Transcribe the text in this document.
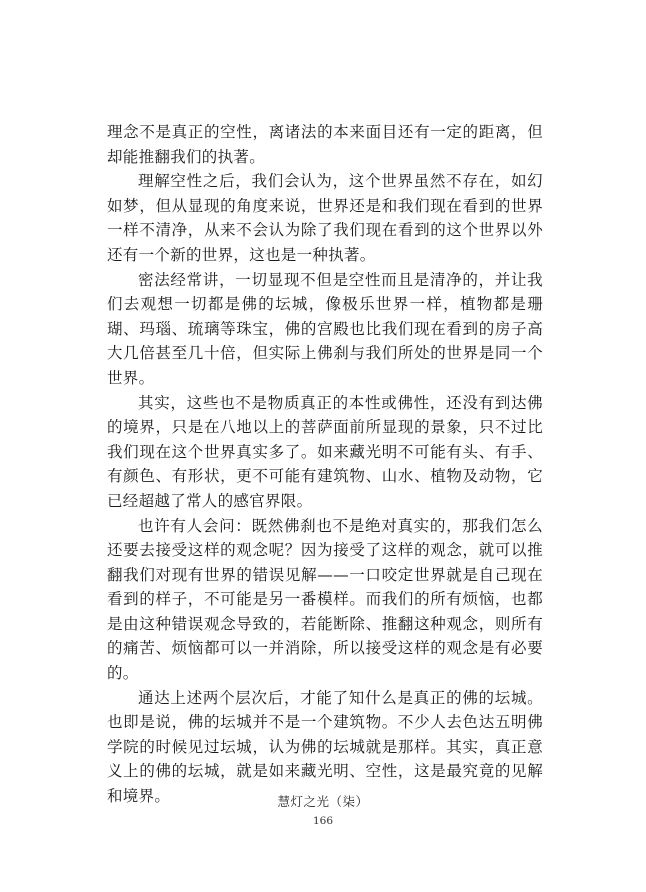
理念不是真正的空性，离诸法的本来面目还有一定的距离，但却能推翻我们的执著。

理解空性之后，我们会认为，这个世界虽然不存在，如幻如梦，但从显现的角度来说，世界还是和我们现在看到的世界一样不清净，从来不会认为除了我们现在看到的这个世界以外还有一个新的世界，这也是一种执著。

密法经常讲，一切显现不但是空性而且是清净的，并让我们去观想一切都是佛的坛城，像极乐世界一样，植物都是珊瑚、玛瑙、琉璃等珠宝，佛的宫殿也比我们现在看到的房子高大几倍甚至几十倍，但实际上佛刹与我们所处的世界是同一个世界。

其实，这些也不是物质真正的本性或佛性，还没有到达佛的境界，只是在八地以上的菩萨面前所显现的景象，只不过比我们现在这个世界真实多了。如来藏光明不可能有头、有手、有颜色、有形状，更不可能有建筑物、山水、植物及动物，它已经超越了常人的感官界限。

也许有人会问：既然佛刹也不是绝对真实的，那我们怎么还要去接受这样的观念呢？因为接受了这样的观念，就可以推翻我们对现有世界的错误见解——一口咬定世界就是自己现在看到的样子，不可能是另一番模样。而我们的所有烦恼，也都是由这种错误观念导致的，若能断除、推翻这种观念，则所有的痛苦、烦恼都可以一并消除，所以接受这样的观念是有必要的。

通达上述两个层次后，才能了知什么是真正的佛的坛城。也即是说，佛的坛城并不是一个建筑物。不少人去色达五明佛学院的时候见过坛城，认为佛的坛城就是那样。其实，真正意义上的佛的坛城，就是如来藏光明、空性，这是最究竟的见解和境界。	慧灯之光（柒）
166
